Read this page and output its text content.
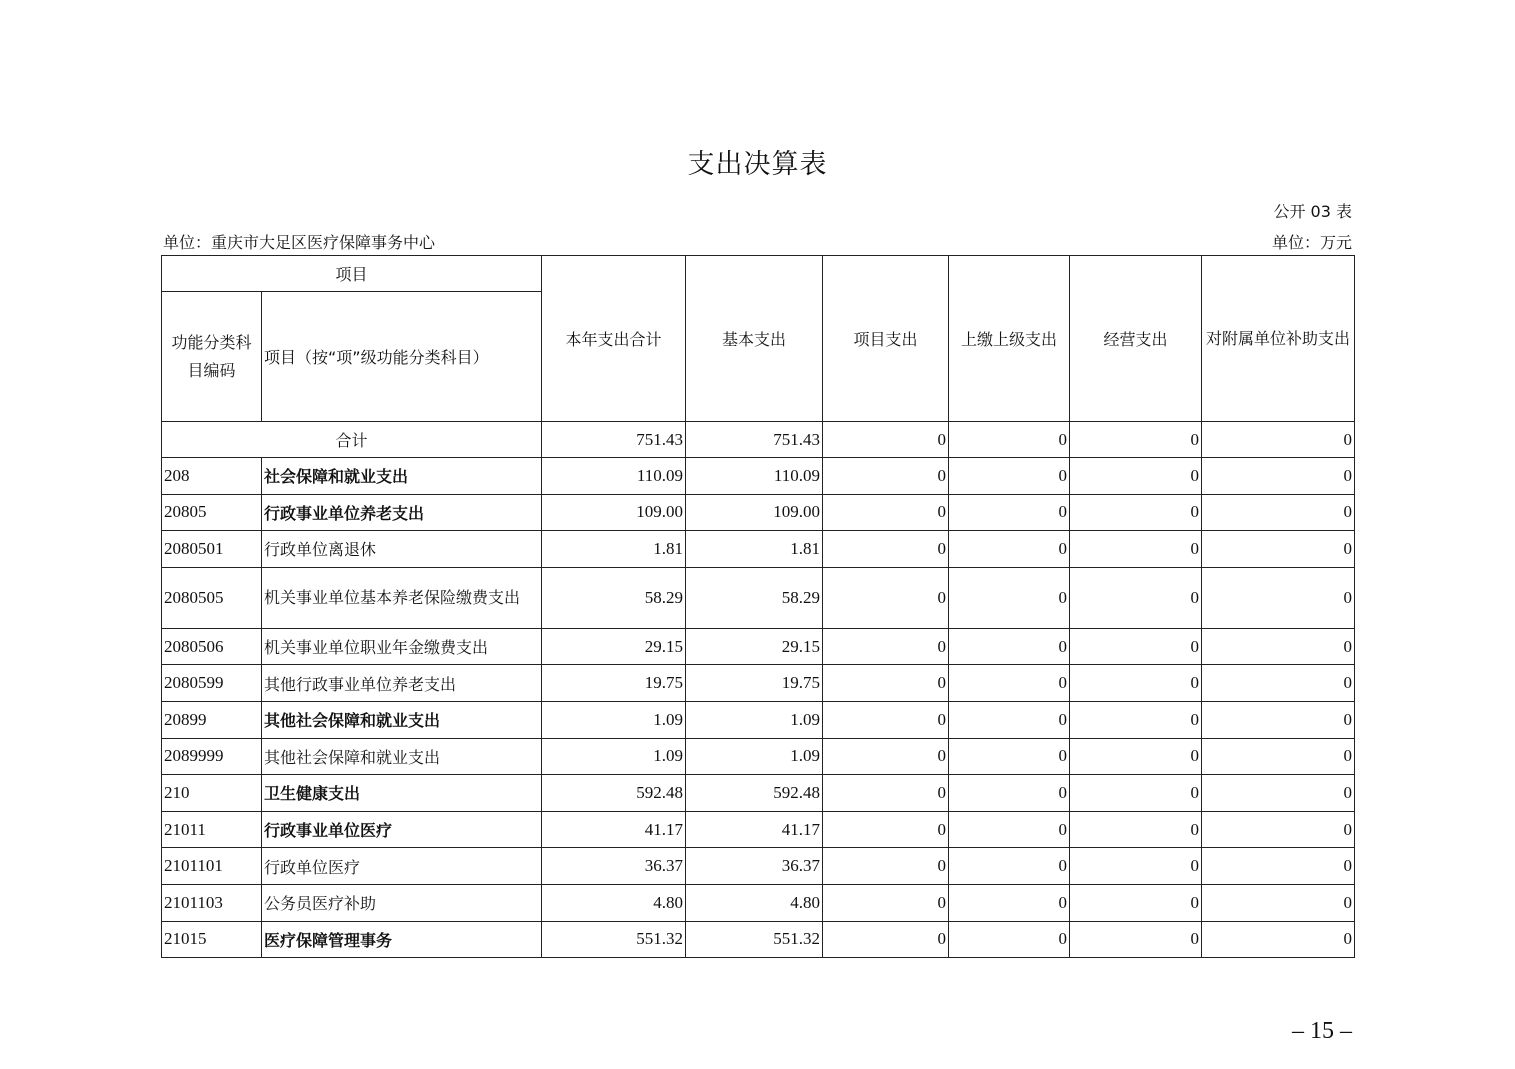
支出决算表
公开 03 表
单位：重庆市大足区医疗保障事务中心	单位：万元
项目		本年支出合计	基本支出	项目支出	上缴上级支出	经营支出	对附属单位补助支出
功能分类科目编码	项目（按“项”级功能分类科目）						
合计		751.43	751.43	0	0	0	0
208	社会保障和就业支出	110.09	110.09	0	0	0	0
20805	行政事业单位养老支出	109.00	109.00	0	0	0	0
2080501	行政单位离退休	1.81	1.81	0	0	0	0
2080505	机关事业单位基本养老保险缴费支出	58.29	58.29	0	0	0	0
2080506	机关事业单位职业年金缴费支出	29.15	29.15	0	0	0	0
2080599	其他行政事业单位养老支出	19.75	19.75	0	0	0	0
20899	其他社会保障和就业支出	1.09	1.09	0	0	0	0
2089999	其他社会保障和就业支出	1.09	1.09	0	0	0	0
210	卫生健康支出	592.48	592.48	0	0	0	0
21011	行政事业单位医疗	41.17	41.17	0	0	0	0
2101101	行政单位医疗	36.37	36.37	0	0	0	0
2101103	公务员医疗补助	4.80	4.80	0	0	0	0
21015	医疗保障管理事务	551.32	551.32	0	0	0	0
– 15 –
